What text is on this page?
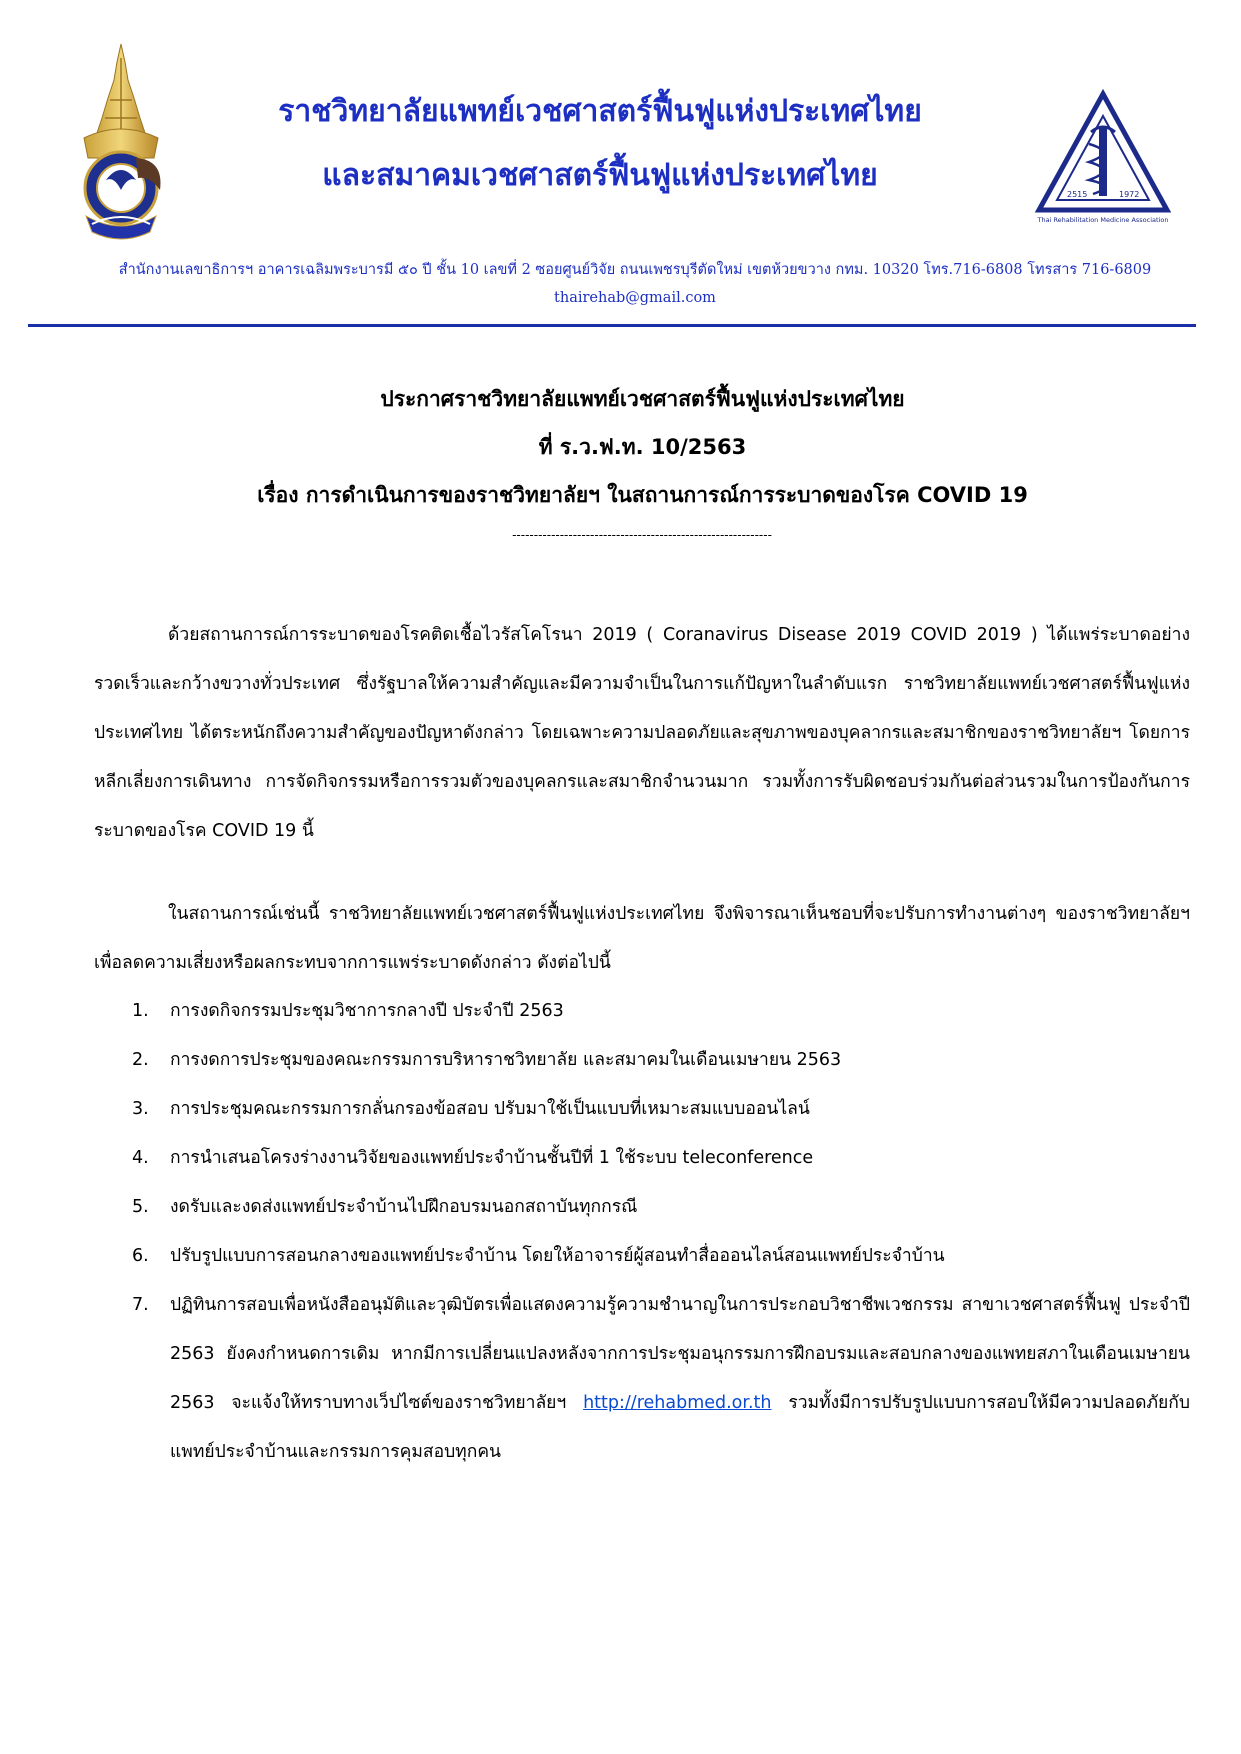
ราชวิทยาลัยแพทย์เวชศาสตร์ฟื้นฟูแห่งประเทศไทย
และสมาคมเวชศาสตร์ฟื้นฟูแห่งประเทศไทย
2515	1972
Thai Rehabilitation Medicine Association
สำนักงานเลขาธิการฯ อาคารเฉลิมพระบารมี ๕๐ ปี ชั้น 10 เลขที่ 2 ซอยศูนย์วิจัย ถนนเพชรบุรีตัดใหม่ เขตห้วยขวาง กทม. 10320 โทร.716-6808 โทรสาร 716-6809
thairehab@gmail.com
ประกาศราชวิทยาลัยแพทย์เวชศาสตร์ฟื้นฟูแห่งประเทศไทย
ที่ ร.ว.ฟ.ท. 10/2563
เรื่อง การดำเนินการของราชวิทยาลัยฯ ในสถานการณ์การระบาดของโรค COVID 19
------------------------------------------------------------
ด้วยสถานการณ์การระบาดของโรคติดเชื้อไวรัสโคโรนา 2019 ( Coranavirus Disease 2019 COVID 2019 ) ได้แพร่ระบาดอย่างรวดเร็วและกว้างขวางทั่วประเทศ ซึ่งรัฐบาลให้ความสำคัญและมีความจำเป็นในการแก้ปัญหาในลำดับแรก ราชวิทยาลัยแพทย์เวชศาสตร์ฟื้นฟูแห่งประเทศไทย ได้ตระหนักถึงความสำคัญของปัญหาดังกล่าว โดยเฉพาะความปลอดภัยและสุขภาพของบุคลากรและสมาชิกของราชวิทยาลัยฯ โดยการหลีกเลี่ยงการเดินทาง การจัดกิจกรรมหรือการรวมตัวของบุคลกรและสมาชิกจำนวนมาก รวมทั้งการรับผิดชอบร่วมกันต่อส่วนรวมในการป้องกันการระบาดของโรค COVID 19 นี้
ในสถานการณ์เช่นนี้ ราชวิทยาลัยแพทย์เวชศาสตร์ฟื้นฟูแห่งประเทศไทย จึงพิจารณาเห็นชอบที่จะปรับการทำงานต่างๆ ของราชวิทยาลัยฯ เพื่อลดความเสี่ยงหรือผลกระทบจากการแพร่ระบาดดังกล่าว ดังต่อไปนี้
1. การงดกิจกรรมประชุมวิชาการกลางปี ประจำปี 2563
2. การงดการประชุมของคณะกรรมการบริหาราชวิทยาลัย และสมาคมในเดือนเมษายน 2563
3. การประชุมคณะกรรมการกลั่นกรองข้อสอบ ปรับมาใช้เป็นแบบที่เหมาะสมแบบออนไลน์
4. การนำเสนอโครงร่างงานวิจัยของแพทย์ประจำบ้านชั้นปีที่ 1 ใช้ระบบ teleconference
5. งดรับและงดส่งแพทย์ประจำบ้านไปฝึกอบรมนอกสถาบันทุกกรณี
6. ปรับรูปแบบการสอนกลางของแพทย์ประจำบ้าน โดยให้อาจารย์ผู้สอนทำสื่อออนไลน์สอนแพทย์ประจำบ้าน
7. ปฏิทินการสอบเพื่อหนังสืออนุมัติและวุฒิบัตรเพื่อแสดงความรู้ความชำนาญในการประกอบวิชาชีพเวชกรรม สาขาเวชศาสตร์ฟื้นฟู ประจำปี 2563 ยังคงกำหนดการเดิม หากมีการเปลี่ยนแปลงหลังจากการประชุมอนุกรรมการฝึกอบรมและสอบกลางของแพทยสภาในเดือนเมษายน 2563 จะแจ้งให้ทราบทางเว็ปไซต์ของราชวิทยาลัยฯ http://rehabmed.or.th รวมทั้งมีการปรับรูปแบบการสอบให้มีความปลอดภัยกับแพทย์ประจำบ้านและกรรมการคุมสอบทุกคน
